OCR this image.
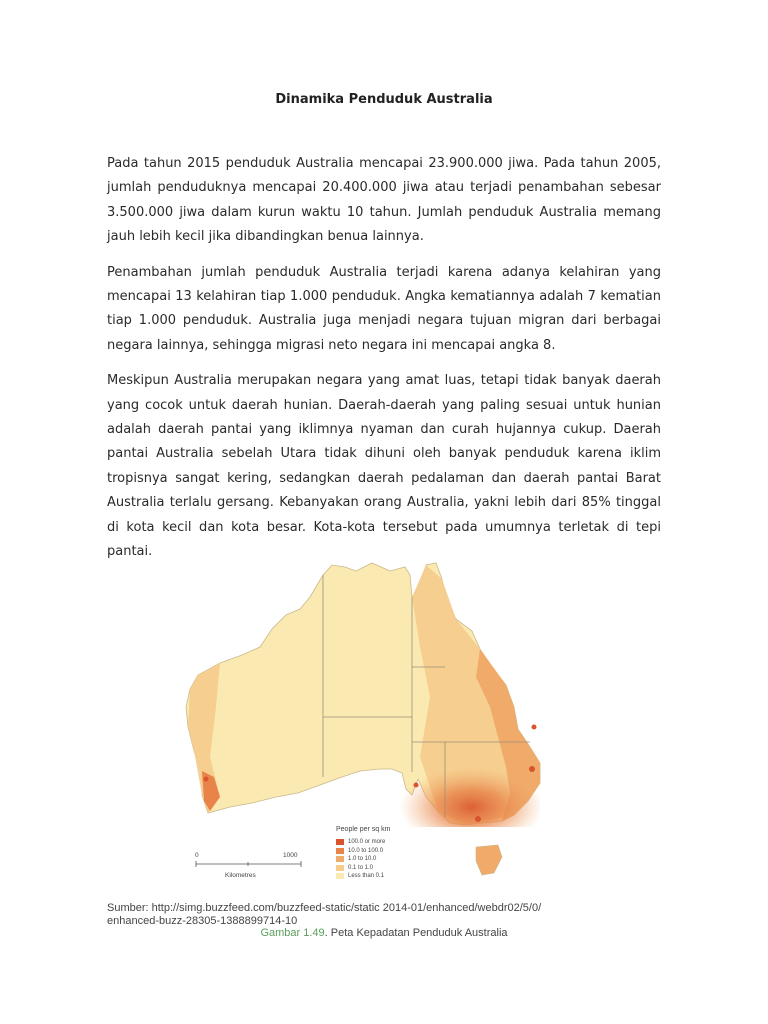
Dinamika Penduduk Australia

Pada tahun 2015 penduduk Australia mencapai 23.900.000 jiwa. Pada tahun 2005, jumlah penduduknya mencapai 20.400.000 jiwa atau terjadi penambahan sebesar 3.500.000 jiwa dalam kurun waktu 10 tahun. Jumlah penduduk Australia memang jauh lebih kecil jika dibandingkan benua lainnya.

Penambahan jumlah penduduk Australia terjadi karena adanya kelahiran yang mencapai 13 kelahiran tiap 1.000 penduduk. Angka kematiannya adalah 7 kematian tiap 1.000 penduduk. Australia juga menjadi negara tujuan migran dari berbagai negara lainnya, sehingga migrasi neto negara ini mencapai angka 8.

Meskipun Australia merupakan negara yang amat luas, tetapi tidak banyak daerah yang cocok untuk daerah hunian. Daerah-daerah yang paling sesuai untuk hunian adalah daerah pantai yang iklimnya nyaman dan curah hujannya cukup. Daerah pantai Australia sebelah Utara tidak dihuni oleh banyak penduduk karena iklim tropisnya sangat kering, sedangkan daerah pedalaman dan daerah pantai Barat Australia terlalu gersang. Kebanyakan orang Australia, yakni lebih dari 85% tinggal di kota kecil dan kota besar. Kota-kota tersebut pada umumnya terletak di tepi pantai.

People per sq km
100.0 or more
10.0 to 100.0
1.0 to 10.0
0.1 to 1.0
Less than 0.1
0	1000
Kilometres
Sumber: http://simg.buzzfeed.com/buzzfeed-static/static 2014-01/enhanced/webdr02/5/0/
enhanced-buzz-28305-1388899714-10
Gambar 1.49. Peta Kepadatan Penduduk Australia
